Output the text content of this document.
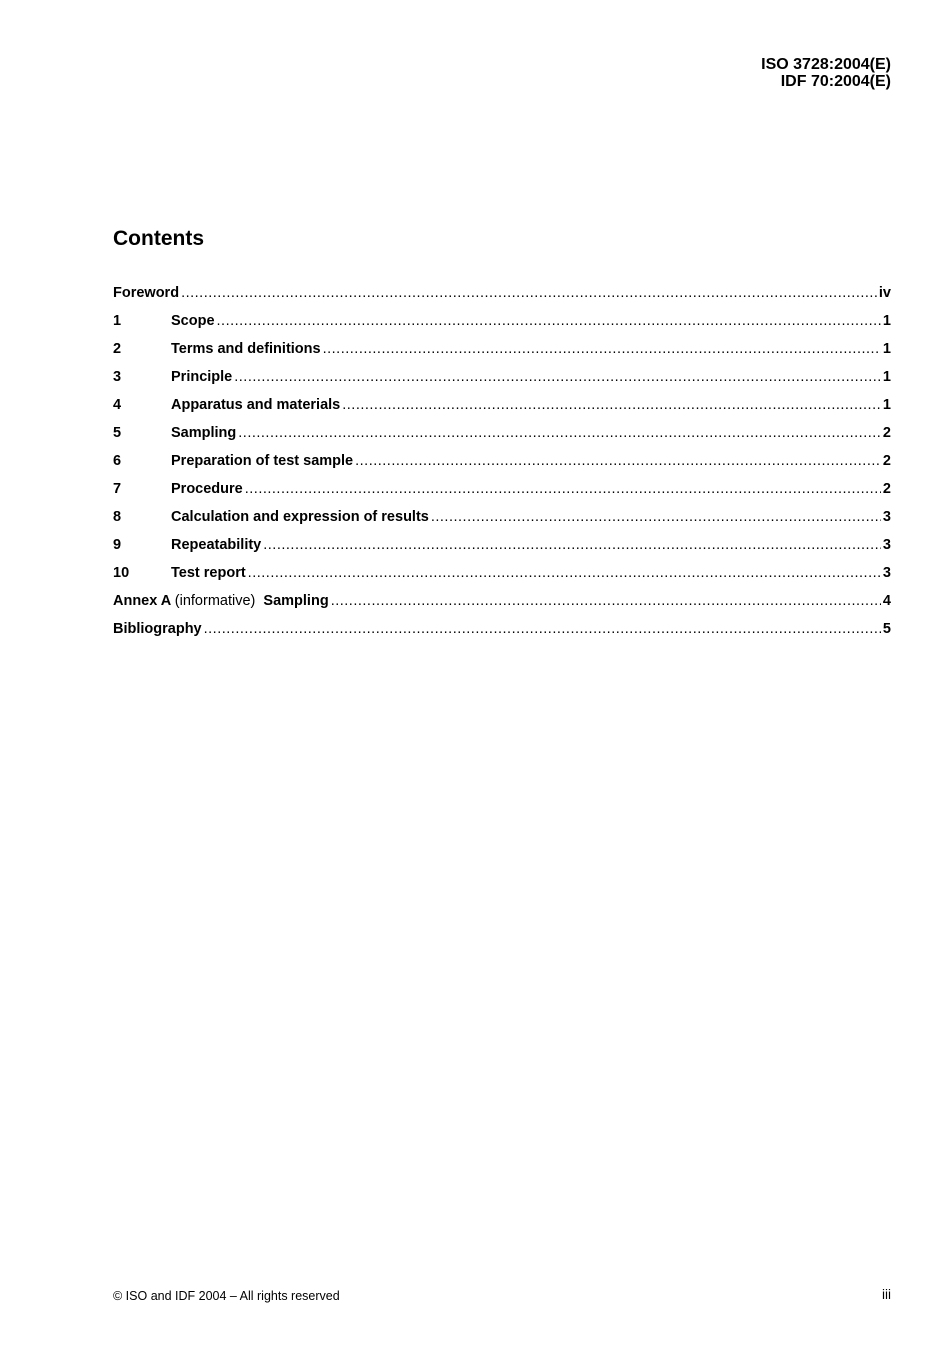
ISO 3728:2004(E)
IDF 70:2004(E)
Contents
Foreword .....	iv
1	Scope .....	1
2	Terms and definitions .....	1
3	Principle .....	1
4	Apparatus and materials .....	1
5	Sampling .....	2
6	Preparation of test sample .....	2
7	Procedure .....	2
8	Calculation and expression of results .....	3
9	Repeatability .....	3
10	Test report .....	3
Annex A (informative) Sampling .....	4
Bibliography .....	5
© ISO and IDF 2004 – All rights reserved	iii
